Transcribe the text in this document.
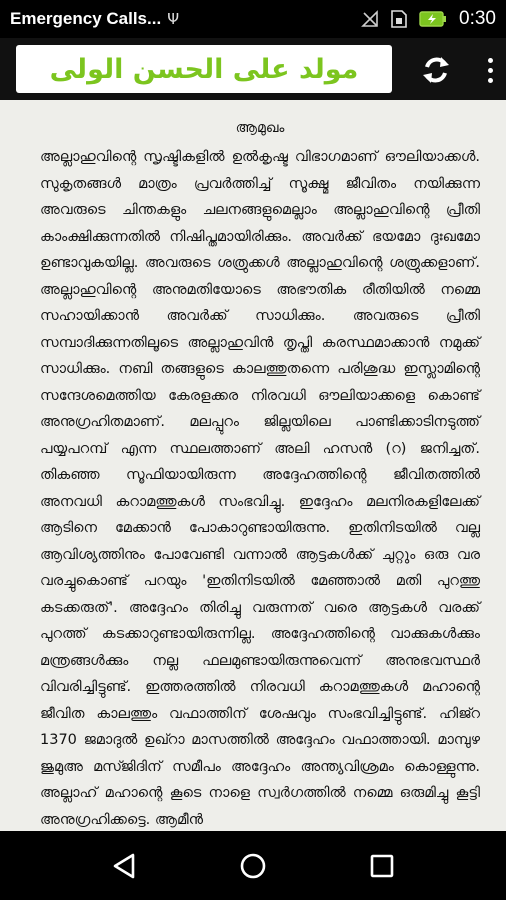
Emergency Calls... Ψ	0:30
مولد على الحسن الولى
ആമുഖം
അല്ലാഹുവിന്റെ സൃഷ്ടികളിൽ ഉൽകൃഷ്ട വിഭാഗമാണ് ഔലിയാക്കൾ. സുകൃതങ്ങൾ മാത്രം പ്രവർത്തിച്ച് സൂക്ഷ്മ ജീവിതം നയിക്കുന്ന അവരുടെ ചിന്തകളും ചലനങ്ങളുമെല്ലാം അല്ലാഹുവിന്റെ പ്രീതി കാംക്ഷിക്കുന്നതിൽ നിഷിപ്തമായിരിക്കും. അവർക്ക് ഭയമോ ദുഃഖമോ ഉണ്ടാവുകയില്ല. അവരുടെ ശത്രുക്കൾ അല്ലാഹുവിന്റെ ശത്രുക്കളാണ്. അല്ലാഹുവിന്റെ അനുമതിയോടെ അഭൗതിക രീതിയിൽ നമ്മെ സഹായിക്കാൻ അവർക്ക് സാധിക്കും. അവരുടെ പ്രീതി സമ്പാദിക്കുന്നതിലൂടെ അല്ലാഹുവിൻ തൃപ്തി കരസ്ഥമാക്കാൻ നമുക്ക് സാധിക്കും. നബി തങ്ങളുടെ കാലത്തുതന്നെ പരിശുദ്ധ ഇസ്ലാമിന്റെ സന്ദേശമെത്തിയ കേരളക്കര നിരവധി ഔലിയാക്കളെ കൊണ്ട് അനുഗ്രഹിതമാണ്. മലപ്പുറം ജില്ലയിലെ പാണ്ടിക്കാടിനടുത്ത് പയ്യപറമ്പ് എന്ന സ്ഥലത്താണ് അലി ഹസൻ (റ) ജനിച്ചത്. തികഞ്ഞ സൂഫിയായിരുന്ന അദ്ദേഹത്തിന്റെ ജീവിതത്തിൽ അനവധി കറാമത്തുകൾ സംഭവിച്ചു. ഇദ്ദേഹം മലനിരകളിലേക്ക് ആടിനെ മേക്കാൻ പോകാറുണ്ടായിരുന്നു. ഇതിനിടയിൽ വല്ല ആവിശ്യത്തിനും പോവേണ്ടി വന്നാൽ ആട്ടകൾക്ക് ചുറ്റും ഒരു വര വരച്ചുകൊണ്ട് പറയും 'ഇതിനിടയിൽ മേഞ്ഞാൽ മതി പുറത്തു കടക്കരുത്'. അദ്ദേഹം തിരിച്ചു വരുന്നത് വരെ ആട്ടകൾ വരക്ക് പുറത്ത് കടക്കാറുണ്ടായിരുന്നില്ല. അദ്ദേഹത്തിന്റെ വാക്കുകൾക്കും മന്ത്രങ്ങൾക്കും നല്ല ഫലമുണ്ടായിരുന്നുവെന്ന് അനുഭവസ്ഥർ വിവരിച്ചിട്ടുണ്ട്. ഇത്തരത്തിൽ നിരവധി കറാമത്തുകൾ മഹാന്റെ ജീവിത കാലത്തും വഫാത്തിന് ശേഷവും സംഭവിച്ചിട്ടുണ്ട്. ഹിജ്റ 1370 ജമാദുൽ ഉഖ്റാ മാസത്തിൽ അദ്ദേഹം വഫാത്തായി. മാമ്പുഴ ജുമുഅ മസ്ജിദിന് സമീപം അദ്ദേഹം അന്ത്യവിശ്രമം കൊള്ളുന്നു. അല്ലാഹ് മഹാന്റെ കൂടെ നാളെ സ്വർഗത്തിൽ നമ്മെ ഒരുമിച്ചു കൂട്ടി അനുഗ്രഹിക്കട്ടെ. ആമീൻ
